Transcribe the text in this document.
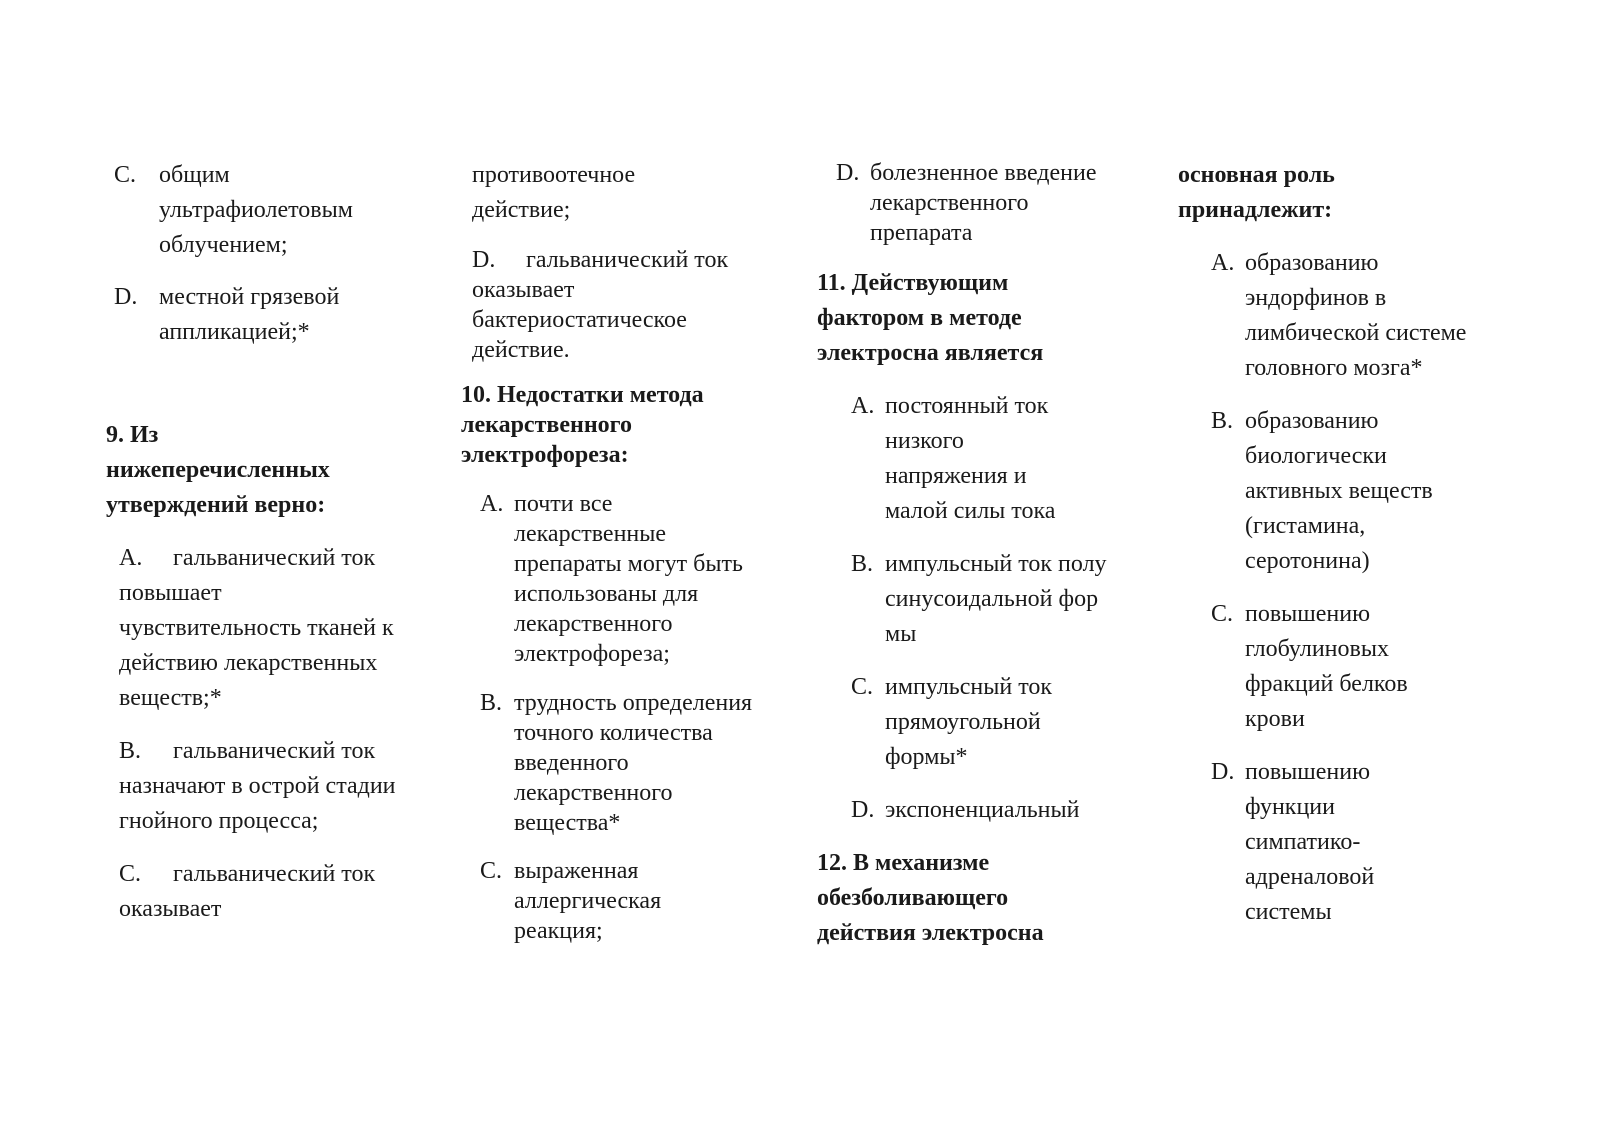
C. общим ультрафиолетовым облучением;
D. местной грязевой аппликацией;*

9. Из нижеперечисленных утверждений верно:

A. гальванический ток повышает чувствительность тканей к действию лекарственных веществ;*

B. гальванический ток назначают в острой стадии гнойного процесса;

C. гальванический ток оказывает

противоотечное действие;

D. гальванический ток оказывает бактериостатическое действие.

10. Недостатки метода лекарственного электрофореза:

A. почти все лекарственные препараты могут быть использованы для лекарственного электрофореза;
B. трудность определения точного количества введенного лекарственного вещества*
C. выраженная аллергическая реакция;
D. болезненное введение лекарственного препарата

11. Действующим фактором в методе электросна является

A. постоянный ток низкого напряжения и малой силы тока
B. импульсный ток полусинусоидальной формы
C. импульсный ток прямоугольной формы*
D. экспоненциальный

12. В механизме обезболивающего действия электросна

основная роль принадлежит:

A. образованию эндорфинов в лимбической системе головного мозга*
B. образованию биологически активных веществ (гистамина, серотонина)
C. повышению глобулиновых фракций белков крови
D. повышению функции симпатико-адреналовой системы
